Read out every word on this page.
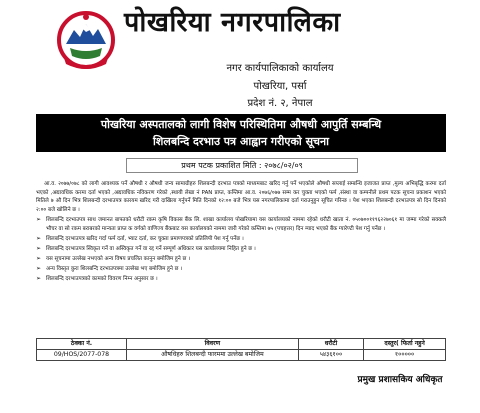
पोखरिया नगरपालिका
नगर कार्यपालिकाको कार्यालय
पोखरिया, पर्सा
प्रदेश नं. २, नेपाल
पोखरिया अस्पतालको लागी विशेष परिस्थितिमा औषधी आपुर्ति सम्बन्धि
शिलबन्दि दरभाउ पत्र आह्वान गरीएको सूचना
प्रथम पटक प्रकाशित मिति : २०७८/०२/०९

आ.व. २०७७/०७८ को लागी आवश्यक पर्ने औषधी र औषधी जन्य सामाग्रीहरु शिलबन्दी दरभाउ पत्रको माध्यमबाट खरिद गर्नु पर्ने भएकोले औषधी सप्लाई सम्बन्धि इजाजत प्राप्त ,मुल्य अभिबृद्धि करमा दर्ता भएको ,अद्यावधिक करमा दर्ता भएको ,अद्यावधिक नविकरण गरेको ,स्थायी लेखा नं PAN प्राप्त, कम्तिमा आ.व. २०७६/०७७ सम्म कर चुक्ता भएको फर्म ,संस्था वा कम्पनीले प्रथम पटक सूचना प्रकाशन भएको मितिले ७ औ दिन भित्र शिलबन्दी दरभाउपत्र कारयम खरिद गरी दाखिला गर्नुपर्ने मिति दिनको १२:०० बजे भित्र यस नगरपालिकामा दर्ता गराउनुहुन सूचित गरिन्छ । पेश भएका शिलबन्दी दरभाउपत्र सो दिन दिनको २:०० बजे खोलिने छ ।

➢ शिलबन्दि दरभाउपत्र साथ जमानत बापतको धरौटी रकम कृषि विकास बैंक लि. शाखा कार्यालय पोखरियामा यस कार्यालयको नाममा रहेको धरौटी खाता नं. ०५०७००११९६२२७०६१ मा जम्मा गरेको सक्कलै भौचर वा सो रकम बराबरको मान्यता प्राप्त क वर्गको वाणिज्य बैंकबाट यस कार्यालयको नाममा जारी गरेको कम्तिमा ७५ (पचहत्तर) दिन म्याद भएको बैंक ग्यारेण्टी पेश गर्नु पर्नेछ ।
➢ शिलबन्दि दरभाउपत्र खरिद गर्दा फर्म दर्ता, भ्याट दर्ता, कर चुक्ता प्रमाणपत्रको प्रतिलिपी पेश गर्नु पर्नेछ ।
➢ शिलबन्दि दरभाउपत्र स्विकृत गर्ने वा अस्विकृत गर्ने वा रद्द गर्ने सम्पूर्ण अधिकार यस कार्यालयमा निहित हुने छ ।
➢ यस सूचनामा उल्लेख नभएको अन्य विषय प्रचलित कानुन बमोजिम हुने छ ।
➢ अन्य विस्तृत कुरा शिलबन्दि दरभाउपत्रमा उल्लेख भए बमोजिम हुने छ ।
➢ शिलबन्दि दरभाउपत्रको कामको विवरण निम्न अनुसार छ ।
ठेक्का नं.	विवरण	धरौटी	दस्तुर( फिर्ता नहुने
09/HOS/2077-078	औषधिहरु शिलबन्दी फारममा उल्लेख बमोजिम	५४३६१००	१०००००
प्रमुख प्रशासकिय अधिकृत
